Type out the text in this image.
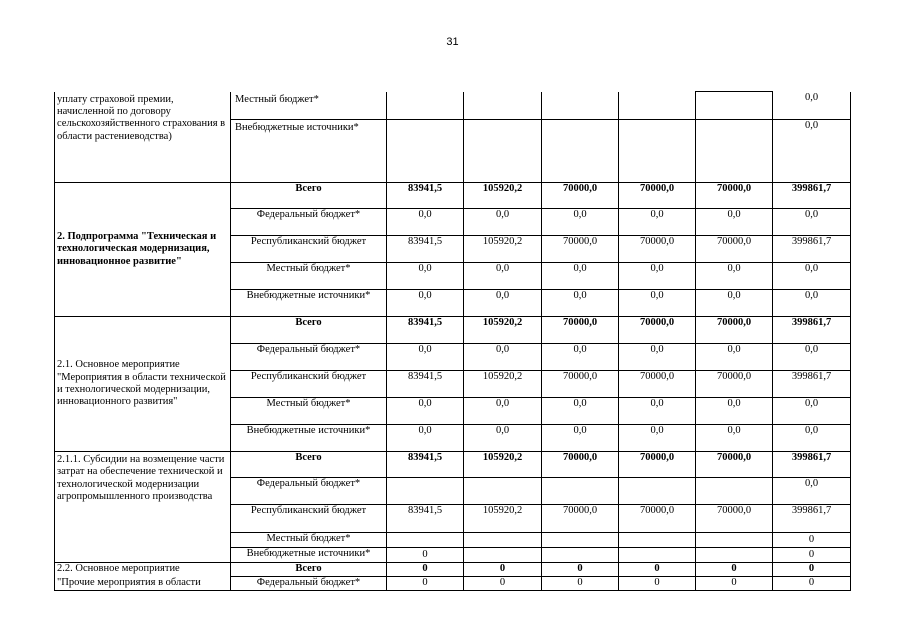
31
уплату страховой премии, начисленной по договору сельскохозяйственного страхования в области растениеводства)	Местный бюджет*						0,0
	Внебюджетные источники*						0,0
2. Подпрограмма "Техническая и технологическая модернизация, инновационное развитие"	Всего	83941,5	105920,2	70000,0	70000,0	70000,0	399861,7
	Федеральный бюджет*	0,0	0,0	0,0	0,0	0,0	0,0
	Республиканский бюджет	83941,5	105920,2	70000,0	70000,0	70000,0	399861,7
	Местный бюджет*	0,0	0,0	0,0	0,0	0,0	0,0
	Внебюджетные источники*	0,0	0,0	0,0	0,0	0,0	0,0
2.1. Основное мероприятие "Мероприятия в области технической и технологической модернизации, инновационного развития"	Всего	83941,5	105920,2	70000,0	70000,0	70000,0	399861,7
	Федеральный бюджет*	0,0	0,0	0,0	0,0	0,0	0,0
	Республиканский бюджет	83941,5	105920,2	70000,0	70000,0	70000,0	399861,7
	Местный бюджет*	0,0	0,0	0,0	0,0	0,0	0,0
	Внебюджетные источники*	0,0	0,0	0,0	0,0	0,0	0,0
2.1.1. Субсидии на возмещение части затрат на обеспечение технической и технологической модернизации агропромышленного производства	Всего	83941,5	105920,2	70000,0	70000,0	70000,0	399861,7
	Федеральный бюджет*						0,0
	Республиканский бюджет	83941,5	105920,2	70000,0	70000,0	70000,0	399861,7
	Местный бюджет*						0
	Внебюджетные источники*	0					0
2.2. Основное мероприятие	Всего	0	0	0	0	0	0
"Прочие мероприятия в области	Федеральный бюджет*	0	0	0	0	0	0
